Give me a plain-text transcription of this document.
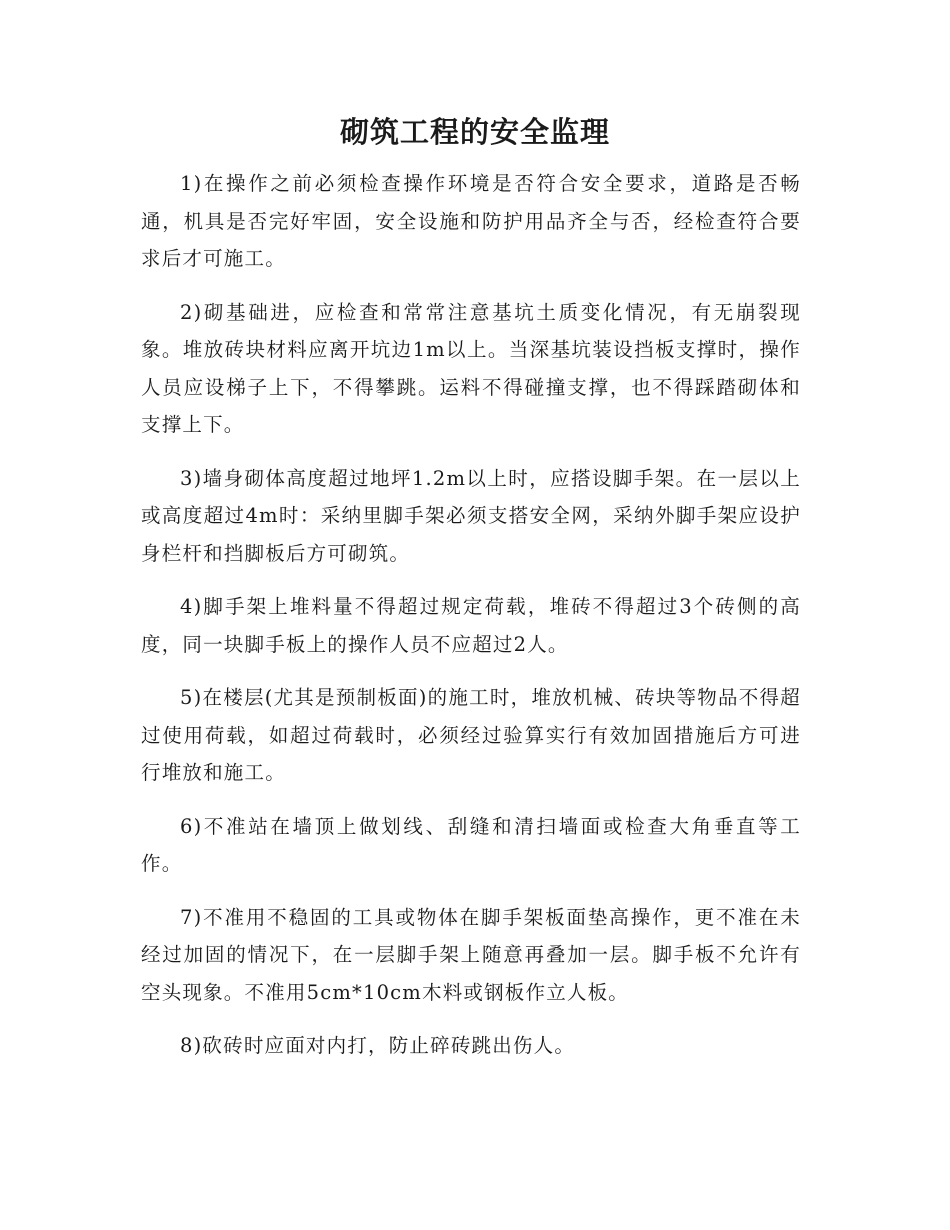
砌筑工程的安全监理

1)在操作之前必须检查操作环境是否符合安全要求，道路是否畅通，机具是否完好牢固，安全设施和防护用品齐全与否，经检查符合要求后才可施工。

2)砌基础进，应检查和常常注意基坑土质变化情况，有无崩裂现象。堆放砖块材料应离开坑边1m以上。当深基坑装设挡板支撑时，操作人员应设梯子上下，不得攀跳。运料不得碰撞支撑，也不得踩踏砌体和支撑上下。

3)墙身砌体高度超过地坪1.2m以上时，应搭设脚手架。在一层以上或高度超过4m时：采纳里脚手架必须支搭安全网，采纳外脚手架应设护身栏杆和挡脚板后方可砌筑。

4)脚手架上堆料量不得超过规定荷载，堆砖不得超过3个砖侧的高度，同一块脚手板上的操作人员不应超过2人。

5)在楼层(尤其是预制板面)的施工时，堆放机械、砖块等物品不得超过使用荷载，如超过荷载时，必须经过验算实行有效加固措施后方可进行堆放和施工。

6)不准站在墙顶上做划线、刮缝和清扫墙面或检查大角垂直等工作。

7)不准用不稳固的工具或物体在脚手架板面垫高操作，更不准在未经过加固的情况下，在一层脚手架上随意再叠加一层。脚手板不允许有空头现象。不准用5cm*10cm木料或钢板作立人板。

8)砍砖时应面对内打，防止碎砖跳出伤人。
